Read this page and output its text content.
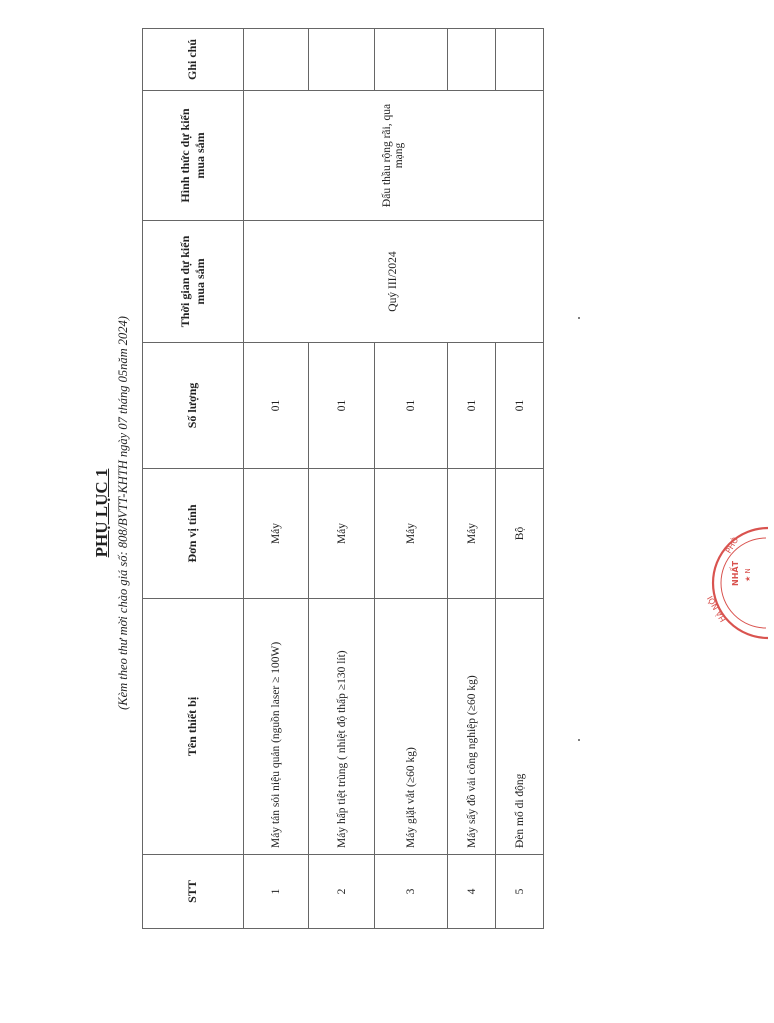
PHỤ LỤC 1 (Kèm theo thư mời chào giá số: 808/BVTT-KHTH ngày 07 tháng 05năm 2024)
STT	Tên thiết bị	Đơn vị tính	Số lượng	Thời gian dự kiến mua sắm	Hình thức dự kiến mua sắm	Ghi chú
1	Máy tán sỏi niệu quản (nguồn laser ≥ 100W)	Máy	01	Quý III/2024	Đấu thầu rộng rãi, qua mạng	
2	Máy hấp tiệt trùng ( nhiệt độ thấp ≥130 lít)	Máy	01			
3	Máy giặt vắt (≥60 kg)	Máy	01			
4	Máy sấy đồ vải công nghiệp (≥60 kg)	Máy	01			
5	Đèn mổ di động	Bộ	01			
PHÒ
NHẤT
HÀ NỘI
★ N
